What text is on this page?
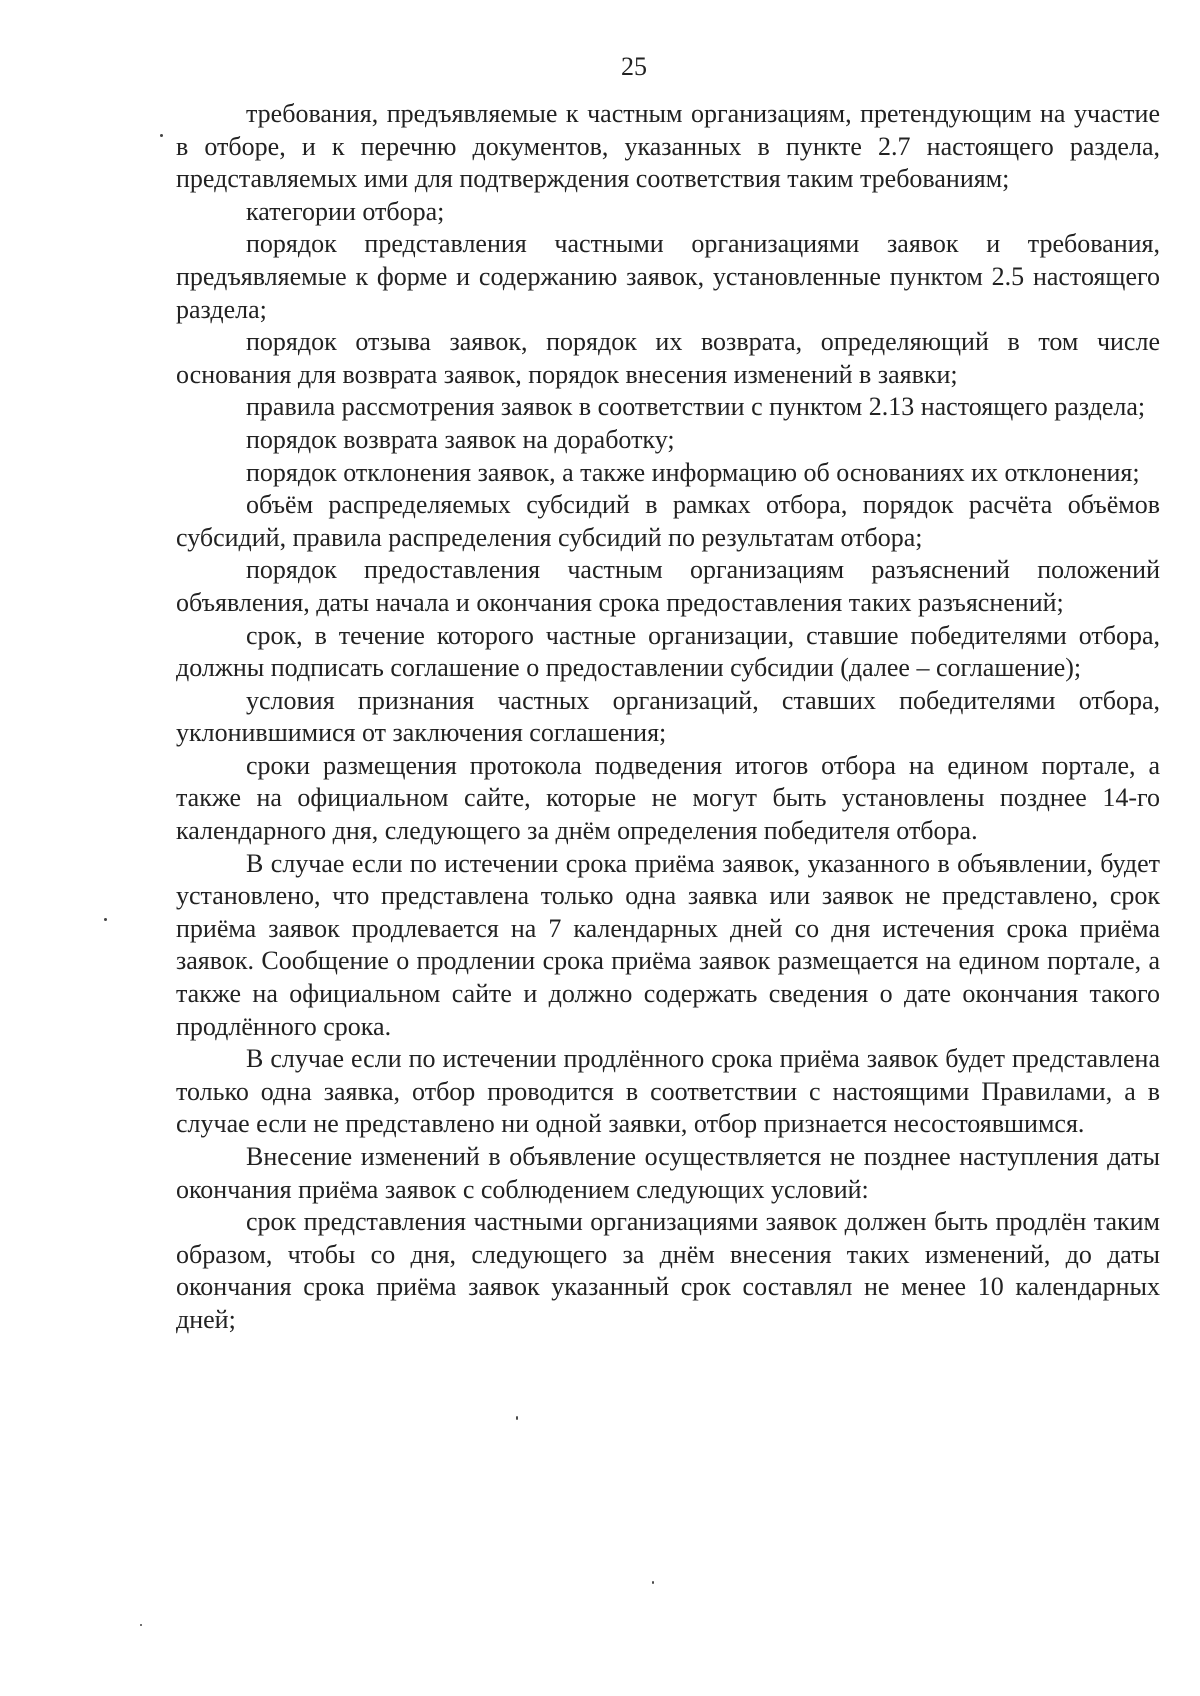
25

требования, предъявляемые к частным организациям, претендующим на участие в отборе, и к перечню документов, указанных в пункте 2.7 настоящего раздела, представляемых ими для подтверждения соответствия таким требованиям;

категории отбора;

порядок представления частными организациями заявок и требования, предъявляемые к форме и содержанию заявок, установленные пунктом 2.5 настоящего раздела;

порядок отзыва заявок, порядок их возврата, определяющий в том числе основания для возврата заявок, порядок внесения изменений в заявки;

правила рассмотрения заявок в соответствии с пунктом 2.13 настоящего раздела;

порядок возврата заявок на доработку;

порядок отклонения заявок, а также информацию об основаниях их отклонения;

объём распределяемых субсидий в рамках отбора, порядок расчёта объёмов субсидий, правила распределения субсидий по результатам отбора;

порядок предоставления частным организациям разъяснений положений объявления, даты начала и окончания срока предоставления таких разъяснений;

срок, в течение которого частные организации, ставшие победителями отбора, должны подписать соглашение о предоставлении субсидии (далее – соглашение);

условия признания частных организаций, ставших победителями отбора, уклонившимися от заключения соглашения;

сроки размещения протокола подведения итогов отбора на едином портале, а также на официальном сайте, которые не могут быть установлены позднее 14-го календарного дня, следующего за днём определения победителя отбора.

В случае если по истечении срока приёма заявок, указанного в объявлении, будет установлено, что представлена только одна заявка или заявок не представлено, срок приёма заявок продлевается на 7 календарных дней со дня истечения срока приёма заявок. Сообщение о продлении срока приёма заявок размещается на едином портале, а также на официальном сайте и должно содержать сведения о дате окончания такого продлённого срока.

В случае если по истечении продлённого срока приёма заявок будет представлена только одна заявка, отбор проводится в соответствии с настоящими Правилами, а в случае если не представлено ни одной заявки, отбор признается несостоявшимся.

Внесение изменений в объявление осуществляется не позднее наступления даты окончания приёма заявок с соблюдением следующих условий:

срок представления частными организациями заявок должен быть продлён таким образом, чтобы со дня, следующего за днём внесения таких изменений, до даты окончания срока приёма заявок указанный срок составлял не менее 10 календарных дней;
